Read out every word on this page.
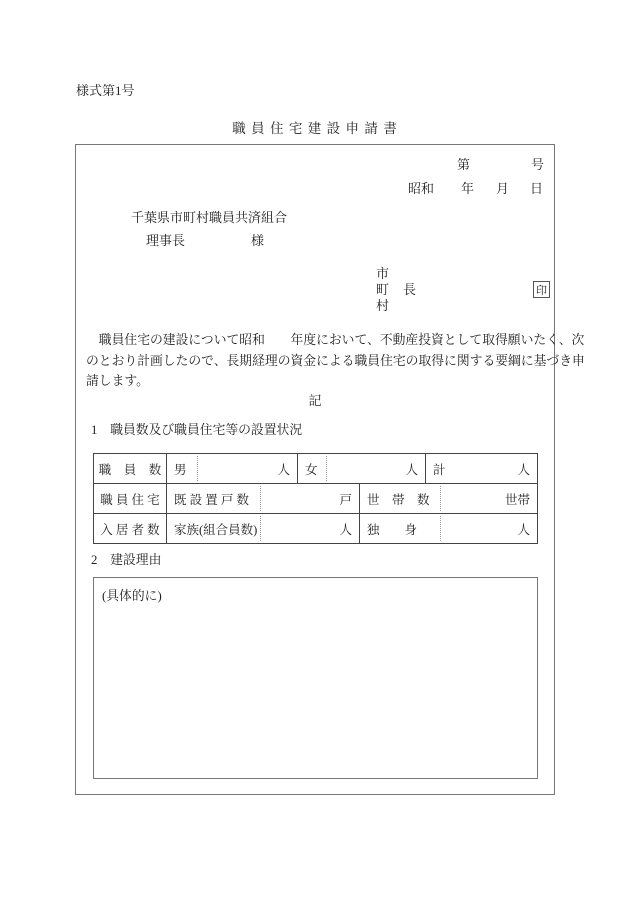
様式第1号
職 員 住 宅 建 設 申 請 書
第	号
昭和 年 月 日
千葉県市町村職員共済組合
理事長	様
市
町
村
長	印
　職員住宅の建設について昭和　　年度において、不動産投資として取得願いたく、次
のとおり計画したので、長期経理の資金による職員住宅の取得に関する要綱に基づき申
請します。
記
1　職員数及び職員住宅等の設置状況
職　員　数 男	人 女	人 計	人
職 員 住 宅 既 設 置 戸 数	戸 世　帯　数	世帯
入 居 者 数 家族(組合員数)	人 独　　身	人
2　建設理由
(具体的に)
